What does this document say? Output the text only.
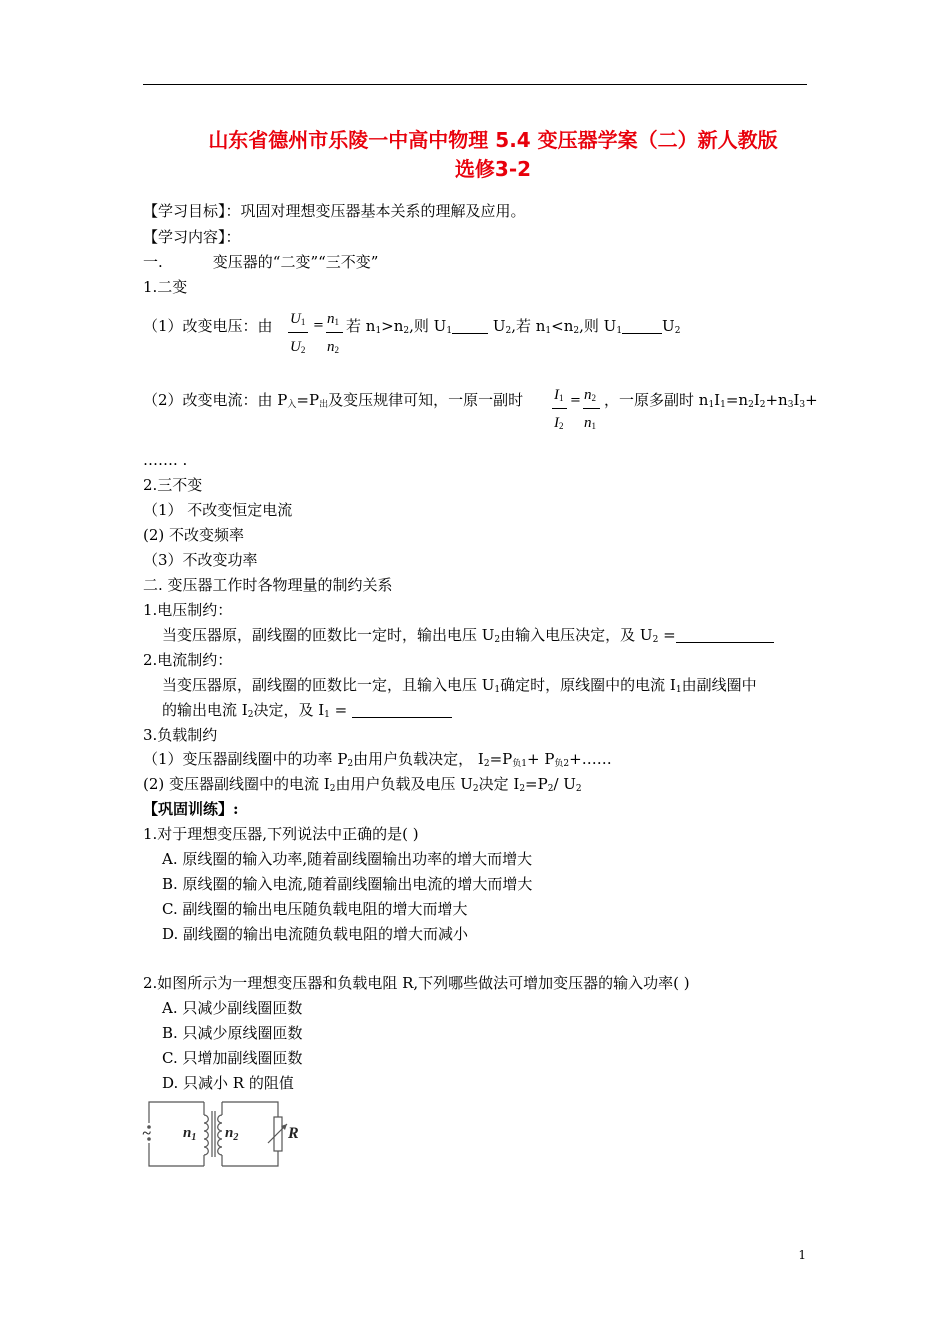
山东省德州市乐陵一中高中物理 5.4 变压器学案（二）新人教版
选修3-2
【学习目标】：巩固对理想变压器基本关系的理解及应用。
【学习内容】：
一.	变压器的“二变”“三不变”
1.二变
（1）改变电压：由 $U_1$
$U_2$
= $n_1$
$n_2$
若 $n_1>n_2$,则 $U_1$ $U_2$,若 $n_1<n_2$,则 $U_1$	$U_2$
（2）改变电流：由 $P_入=P_出$及变压规律可知，一原一副时 $I_1$
$I_2$
= $n_2$
$n_1$
，一原多副时 $n_1I_1=n_2I_2+n_3I_3+$
……. .
2.三不变
（1） 不改变恒定电流
(2) 不改变频率
（3）不改变功率
二. 变压器工作时各物理量的制约关系
1.电压制约：
当变压器原，副线圈的匝数比一定时，输出电压 $U_2$由输入电压决定，及 $U_2$ =
2.电流制约：
当变压器原，副线圈的匝数比一定，且输入电压 $U_1$确定时，原线圈中的电流 $I_1$由副线圈中
的输出电流 $I_2$决定，及 $I_1$ =
3.负载制约
（1）变压器副线圈中的功率 $P_2$由用户负载决定， $I_2=P_{负1}+$ $P_{负2}+\dots\dots$
(2) 变压器副线圈中的电流 $I_2$由用户负载及电压 $U_2$决定 $I_2=P_2/$ $U_2$
【巩固训练】:
1.对于理想变压器,下列说法中正确的是( )
A. 原线圈的输入功率,随着副线圈输出功率的增大而增大
B. 原线圈的输入电流,随着副线圈输出电流的增大而增大
C. 副线圈的输出电压随负载电阻的增大而增大
D. 副线圈的输出电流随负载电阻的增大而减小
2.如图所示为一理想变压器和负载电阻 R,下列哪些做法可增加变压器的输入功率( )
A. 只减少副线圈匝数
B. 只减少原线圈匝数
C. 只增加副线圈匝数
D. 只减小 R 的阻值
~ $n_1$ $n_2$	R
1
